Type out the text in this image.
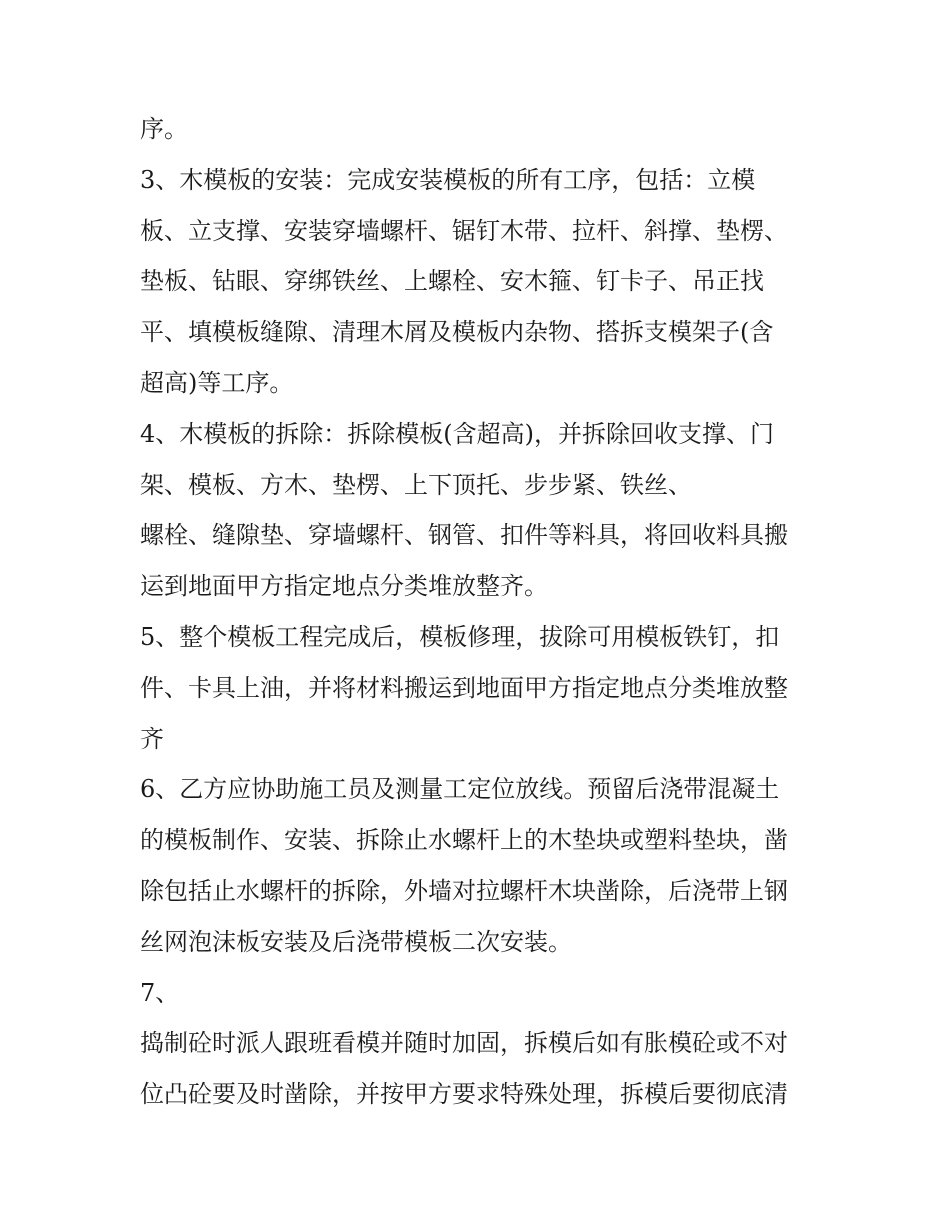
序。
3、木模板的安装：完成安装模板的所有工序，包括：立模
板、立支撑、安装穿墙螺杆、锯钉木带、拉杆、斜撑、垫楞、
垫板、钻眼、穿绑铁丝、上螺栓、安木箍、钉卡子、吊正找
平、填模板缝隙、清理木屑及模板内杂物、搭拆支模架子(含
超高)等工序。
4、木模板的拆除：拆除模板(含超高)，并拆除回收支撑、门
架、模板、方木、垫楞、上下顶托、步步紧、铁丝、
螺栓、缝隙垫、穿墙螺杆、钢管、扣件等料具，将回收料具搬
运到地面甲方指定地点分类堆放整齐。
5、整个模板工程完成后，模板修理，拔除可用模板铁钉，扣
件、卡具上油，并将材料搬运到地面甲方指定地点分类堆放整
齐
6、乙方应协助施工员及测量工定位放线。预留后浇带混凝土
的模板制作、安装、拆除止水螺杆上的木垫块或塑料垫块，凿
除包括止水螺杆的拆除，外墙对拉螺杆木块凿除，后浇带上钢
丝网泡沫板安装及后浇带模板二次安装。
7、
捣制砼时派人跟班看模并随时加固，拆模后如有胀模砼或不对
位凸砼要及时凿除，并按甲方要求特殊处理，拆模后要彻底清
